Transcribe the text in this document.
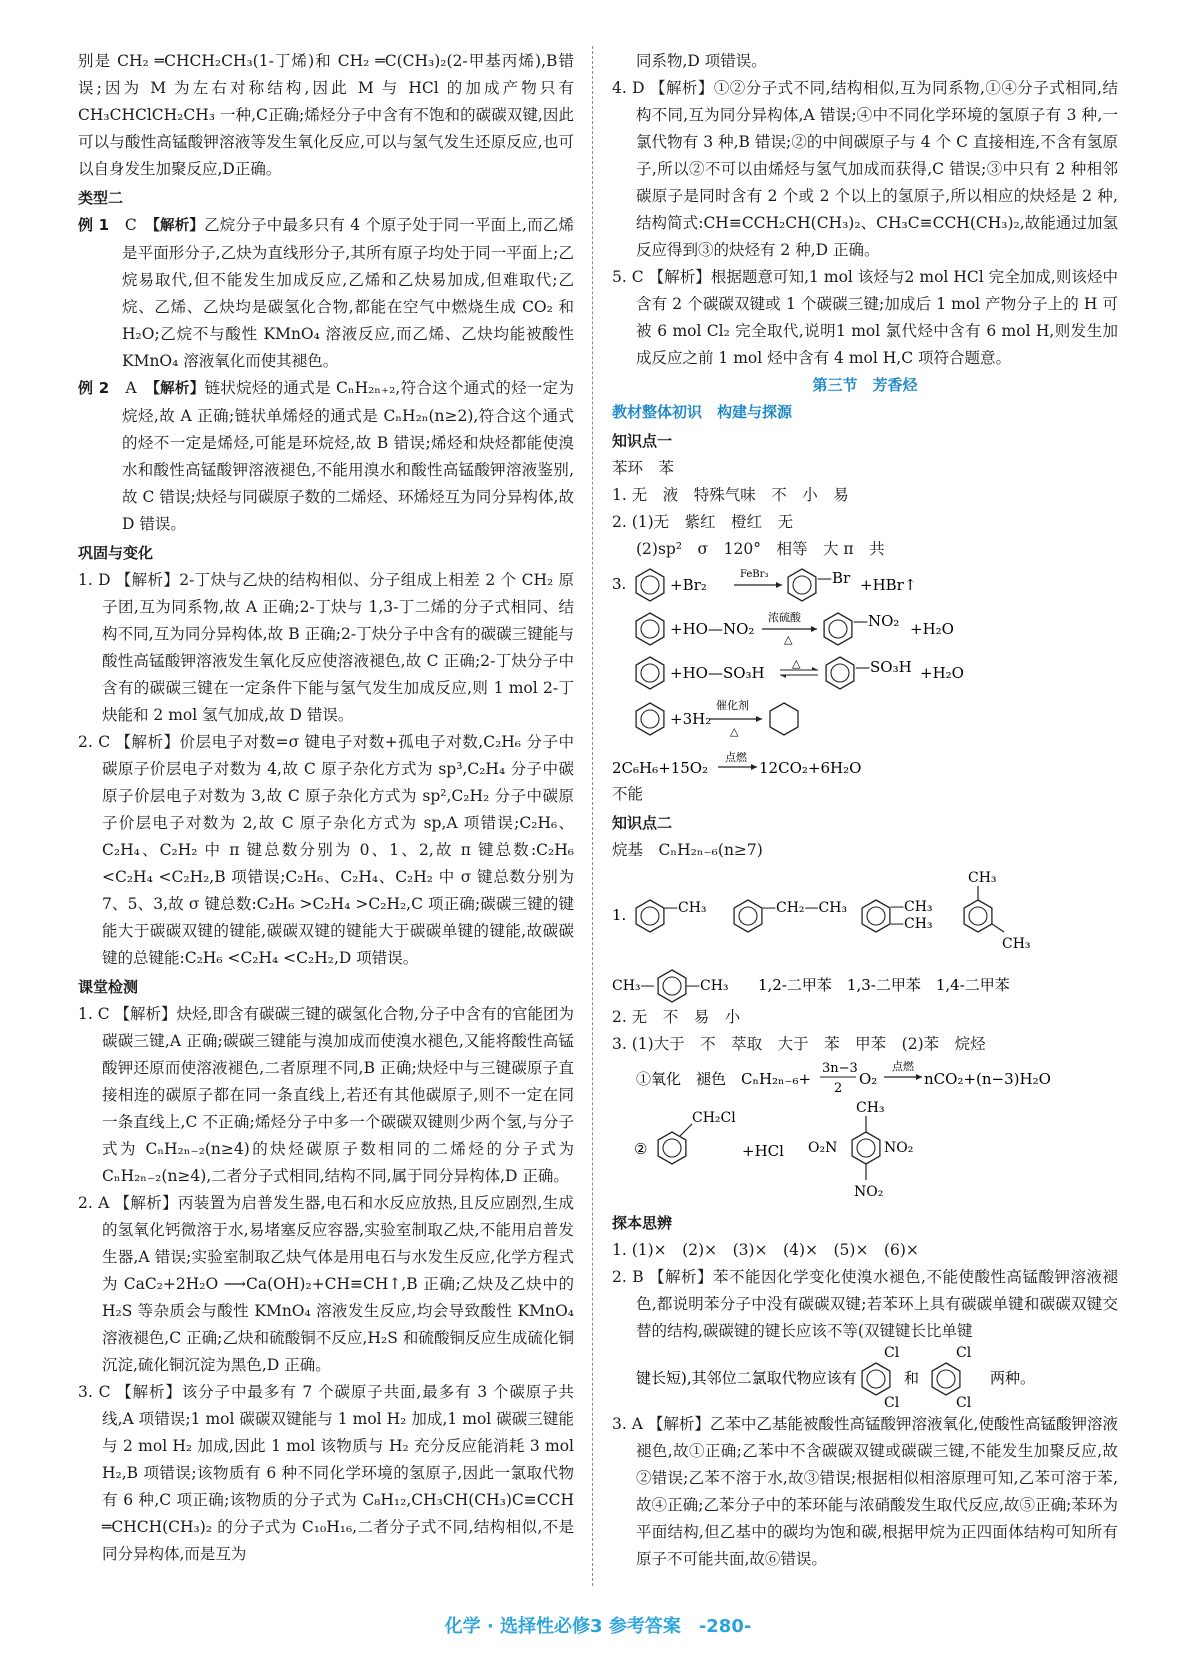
别是 CH₂ ═CHCH₂CH₃(1-丁烯)和 CH₂ ═C(CH₃)₂(2-甲基丙烯),B错误;因为 M 为左右对称结构,因此 M 与 HCl 的加成产物只有 CH₃CHClCH₂CH₃ 一种,C正确;烯烃分子中含有不饱和的碳碳双键,因此可以与酸性高锰酸钾溶液等发生氧化反应,可以与氢气发生还原反应,也可以自身发生加聚反应,D正确。

类型二

例 1　 C　 【解析】乙烷分子中最多只有 4 个原子处于同一平面上,而乙烯是平面形分子,乙炔为直线形分子,其所有原子均处于同一平面上;乙烷易取代,但不能发生加成反应,乙烯和乙炔易加成,但难取代;乙烷、乙烯、乙炔均是碳氢化合物,都能在空气中燃烧生成 CO₂ 和 H₂O;乙烷不与酸性 KMnO₄ 溶液反应,而乙烯、乙炔均能被酸性 KMnO₄ 溶液氧化而使其褪色。

例 2　 A　 【解析】链状烷烃的通式是 CₙH₂ₙ₊₂,符合这个通式的烃一定为烷烃,故 A 正确;链状单烯烃的通式是 CₙH₂ₙ(n≥2),符合这个通式的烃不一定是烯烃,可能是环烷烃,故 B 错误;烯烃和炔烃都能使溴水和酸性高锰酸钾溶液褪色,不能用溴水和酸性高锰酸钾溶液鉴别,故 C 错误;炔烃与同碳原子数的二烯烃、环烯烃互为同分异构体,故 D 错误。

巩固与变化

1. D 【解析】2-丁炔与乙炔的结构相似、分子组成上相差 2 个 CH₂ 原子团,互为同系物,故 A 正确;2-丁炔与 1,3-丁二烯的分子式相同、结构不同,互为同分异构体,故 B 正确;2-丁炔分子中含有的碳碳三键能与酸性高锰酸钾溶液发生氧化反应使溶液褪色,故 C 正确;2-丁炔分子中含有的碳碳三键在一定条件下能与氢气发生加成反应,则 1 mol 2-丁炔能和 2 mol 氢气加成,故 D 错误。

2. C 【解析】价层电子对数=σ 键电子对数+孤电子对数,C₂H₆ 分子中碳原子价层电子对数为 4,故 C 原子杂化方式为 sp³,C₂H₄ 分子中碳原子价层电子对数为 3,故 C 原子杂化方式为 sp²,C₂H₂ 分子中碳原子价层电子对数为 2,故 C 原子杂化方式为 sp,A 项错误;C₂H₆、C₂H₄、C₂H₂ 中 π 键总数分别为 0、1、2,故 π 键总数:C₂H₆ <C₂H₄ <C₂H₂,B 项错误;C₂H₆、C₂H₄、C₂H₂ 中 σ 键总数分别为 7、5、3,故 σ 键总数:C₂H₆ >C₂H₄ >C₂H₂,C 项正确;碳碳三键的键能大于碳碳双键的键能,碳碳双键的键能大于碳碳单键的键能,故碳碳键的总键能:C₂H₆ <C₂H₄ <C₂H₂,D 项错误。

课堂检测

1. C 【解析】炔烃,即含有碳碳三键的碳氢化合物,分子中含有的官能团为碳碳三键,A 正确;碳碳三键能与溴加成而使溴水褪色,又能将酸性高锰酸钾还原而使溶液褪色,二者原理不同,B 正确;炔烃中与三键碳原子直接相连的碳原子都在同一条直线上,若还有其他碳原子,则不一定在同一条直线上,C 不正确;烯烃分子中多一个碳碳双键则少两个氢,与分子式为 CₙH₂ₙ₋₂(n≥4)的炔烃碳原子数相同的二烯烃的分子式为 CₙH₂ₙ₋₂(n≥4),二者分子式相同,结构不同,属于同分异构体,D 正确。

2. A 【解析】丙装置为启普发生器,电石和水反应放热,且反应剧烈,生成的氢氧化钙微溶于水,易堵塞反应容器,实验室制取乙炔,不能用启普发生器,A 错误;实验室制取乙炔气体是用电石与水发生反应,化学方程式为 CaC₂+2H₂O ⟶Ca(OH)₂+CH≡CH↑,B 正确;乙炔及乙炔中的 H₂S 等杂质会与酸性 KMnO₄ 溶液发生反应,均会导致酸性 KMnO₄ 溶液褪色,C 正确;乙炔和硫酸铜不反应,H₂S 和硫酸铜反应生成硫化铜沉淀,硫化铜沉淀为黑色,D 正确。

3. C 【解析】该分子中最多有 7 个碳原子共面,最多有 3 个碳原子共线,A 项错误;1 mol 碳碳双键能与 1 mol H₂ 加成,1 mol 碳碳三键能与 2 mol H₂ 加成,因此 1 mol 该物质与 H₂ 充分反应能消耗 3 mol H₂,B 项错误;该物质有 6 种不同化学环境的氢原子,因此一氯取代物有 6 种,C 项正确;该物质的分子式为 C₈H₁₂,CH₃CH(CH₃)C≡CCH ═CHCH(CH₃)₂ 的分子式为 C₁₀H₁₆,二者分子式不同,结构相似,不是同分异构体,而是互为

同系物,D 项错误。

4. D 【解析】①②分子式不同,结构相似,互为同系物,①④分子式相同,结构不同,互为同分异构体,A 错误;④中不同化学环境的氢原子有 3 种,一氯代物有 3 种,B 错误;②的中间碳原子与 4 个 C 直接相连,不含有氢原子,所以②不可以由烯烃与氢气加成而获得,C 错误;③中只有 2 种相邻碳原子是同时含有 2 个或 2 个以上的氢原子,所以相应的炔烃是 2 种,结构简式:CH≡CCH₂CH(CH₃)₂、CH₃C≡CCH(CH₃)₂,故能通过加氢反应得到③的炔烃有 2 种,D 正确。

5. C 【解析】根据题意可知,1 mol 该烃与2 mol HCl 完全加成,则该烃中含有 2 个碳碳双键或 1 个碳碳三键;加成后 1 mol 产物分子上的 H 可被 6 mol Cl₂ 完全取代,说明1 mol 氯代烃中含有 6 mol H,则发生加成反应之前 1 mol 烃中含有 4 mol H,C 项符合题意。

第三节　芳香烃

教材整体初识　构建与探源

知识点一

苯环　苯

1. 无　液　特殊气味　不　小　易

2. (1)无　紫红　橙红　无

(2)sp²　σ　120°　相等　大 π　共

3.	+Br₂
FeBr₃	—Br +HBr↑
+HO—NO₂
浓硫酸
△
—NO₂ +H₂O
+HO—SO₃H
△	—SO₃H +H₂O
+3H₂
催化剂
△
2C₆H₆+15O₂
点燃
12CO₂+6H₂O

不能

知识点二

烷基　CₙH₂ₙ₋₆(n≥7)

1.	—CH₃	—CH₂—CH₃	—CH₃
—CH₃
CH₃
CH₃
CH₃— —CH₃ 1,2-二甲苯　1,3-二甲苯　1,4-二甲苯

2. 无　不　易　小

3. (1)大于　不　萃取　大于　苯　甲苯　(2)苯　烷烃

①氧化　褪色　CₙH₂ₙ₋₆+
3n−3
2
O₂
点燃
nCO₂+(n−3)H₂O
②
CH₂Cl
+HCl
CH₃
O₂N	NO₂
NO₂

探本思辨

1. (1)×　(2)×　(3)×　(4)×　(5)×　(6)×

2. B 【解析】苯不能因化学变化使溴水褪色,不能使酸性高锰酸钾溶液褪色,都说明苯分子中没有碳碳双键;若苯环上具有碳碳单键和碳碳双键交替的结构,碳碳键的键长应该不等(双键键长比单键

键长短),其邻位二氯取代物应该有
Cl
Cl
和
Cl
Cl
两种。

3. A 【解析】乙苯中乙基能被酸性高锰酸钾溶液氧化,使酸性高锰酸钾溶液褪色,故①正确;乙苯中不含碳碳双键或碳碳三键,不能发生加聚反应,故②错误;乙苯不溶于水,故③错误;根据相似相溶原理可知,乙苯可溶于苯,故④正确;乙苯分子中的苯环能与浓硝酸发生取代反应,故⑤正确;苯环为平面结构,但乙基中的碳均为饱和碳,根据甲烷为正四面体结构可知所有原子不可能共面,故⑥错误。

化学 · 选择性必修3 参考答案　-280-
